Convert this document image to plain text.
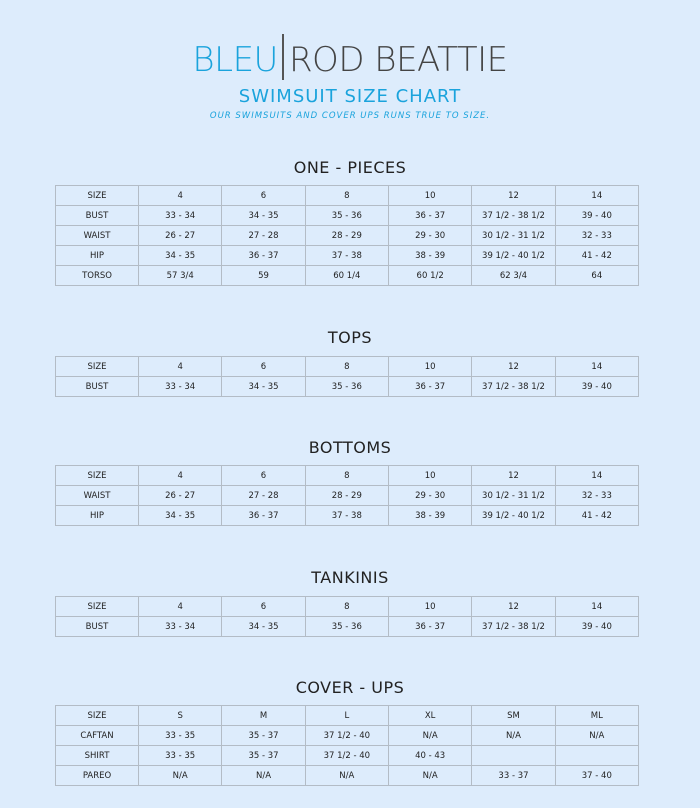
BLEU ROD BEATTIE
SWIMSUIT SIZE CHART
OUR SWIMSUITS AND COVER UPS RUNS TRUE TO SIZE.
ONE - PIECES
SIZE	4	6	8	10	12	14
BUST	33 - 34	34 - 35	35 - 36	36 - 37	37 1/2 - 38 1/2	39 - 40
WAIST	26 - 27	27 - 28	28 - 29	29 - 30	30 1/2 - 31 1/2	32 - 33
HIP	34 - 35	36 - 37	37 - 38	38 - 39	39 1/2 - 40 1/2	41 - 42
TORSO	57 3/4	59	60 1/4	60 1/2	62 3/4	64
TOPS
SIZE	4	6	8	10	12	14
BUST	33 - 34	34 - 35	35 - 36	36 - 37	37 1/2 - 38 1/2	39 - 40
BOTTOMS
SIZE	4	6	8	10	12	14
WAIST	26 - 27	27 - 28	28 - 29	29 - 30	30 1/2 - 31 1/2	32 - 33
HIP	34 - 35	36 - 37	37 - 38	38 - 39	39 1/2 - 40 1/2	41 - 42
TANKINIS
SIZE	4	6	8	10	12	14
BUST	33 - 34	34 - 35	35 - 36	36 - 37	37 1/2 - 38 1/2	39 - 40
COVER - UPS
SIZE	S	M	L	XL	SM	ML
CAFTAN	33 - 35	35 - 37	37 1/2 - 40	N/A	N/A	N/A
SHIRT	33 - 35	35 - 37	37 1/2 - 40	40 - 43		
PAREO	N/A	N/A	N/A	N/A	33 - 37	37 - 40
